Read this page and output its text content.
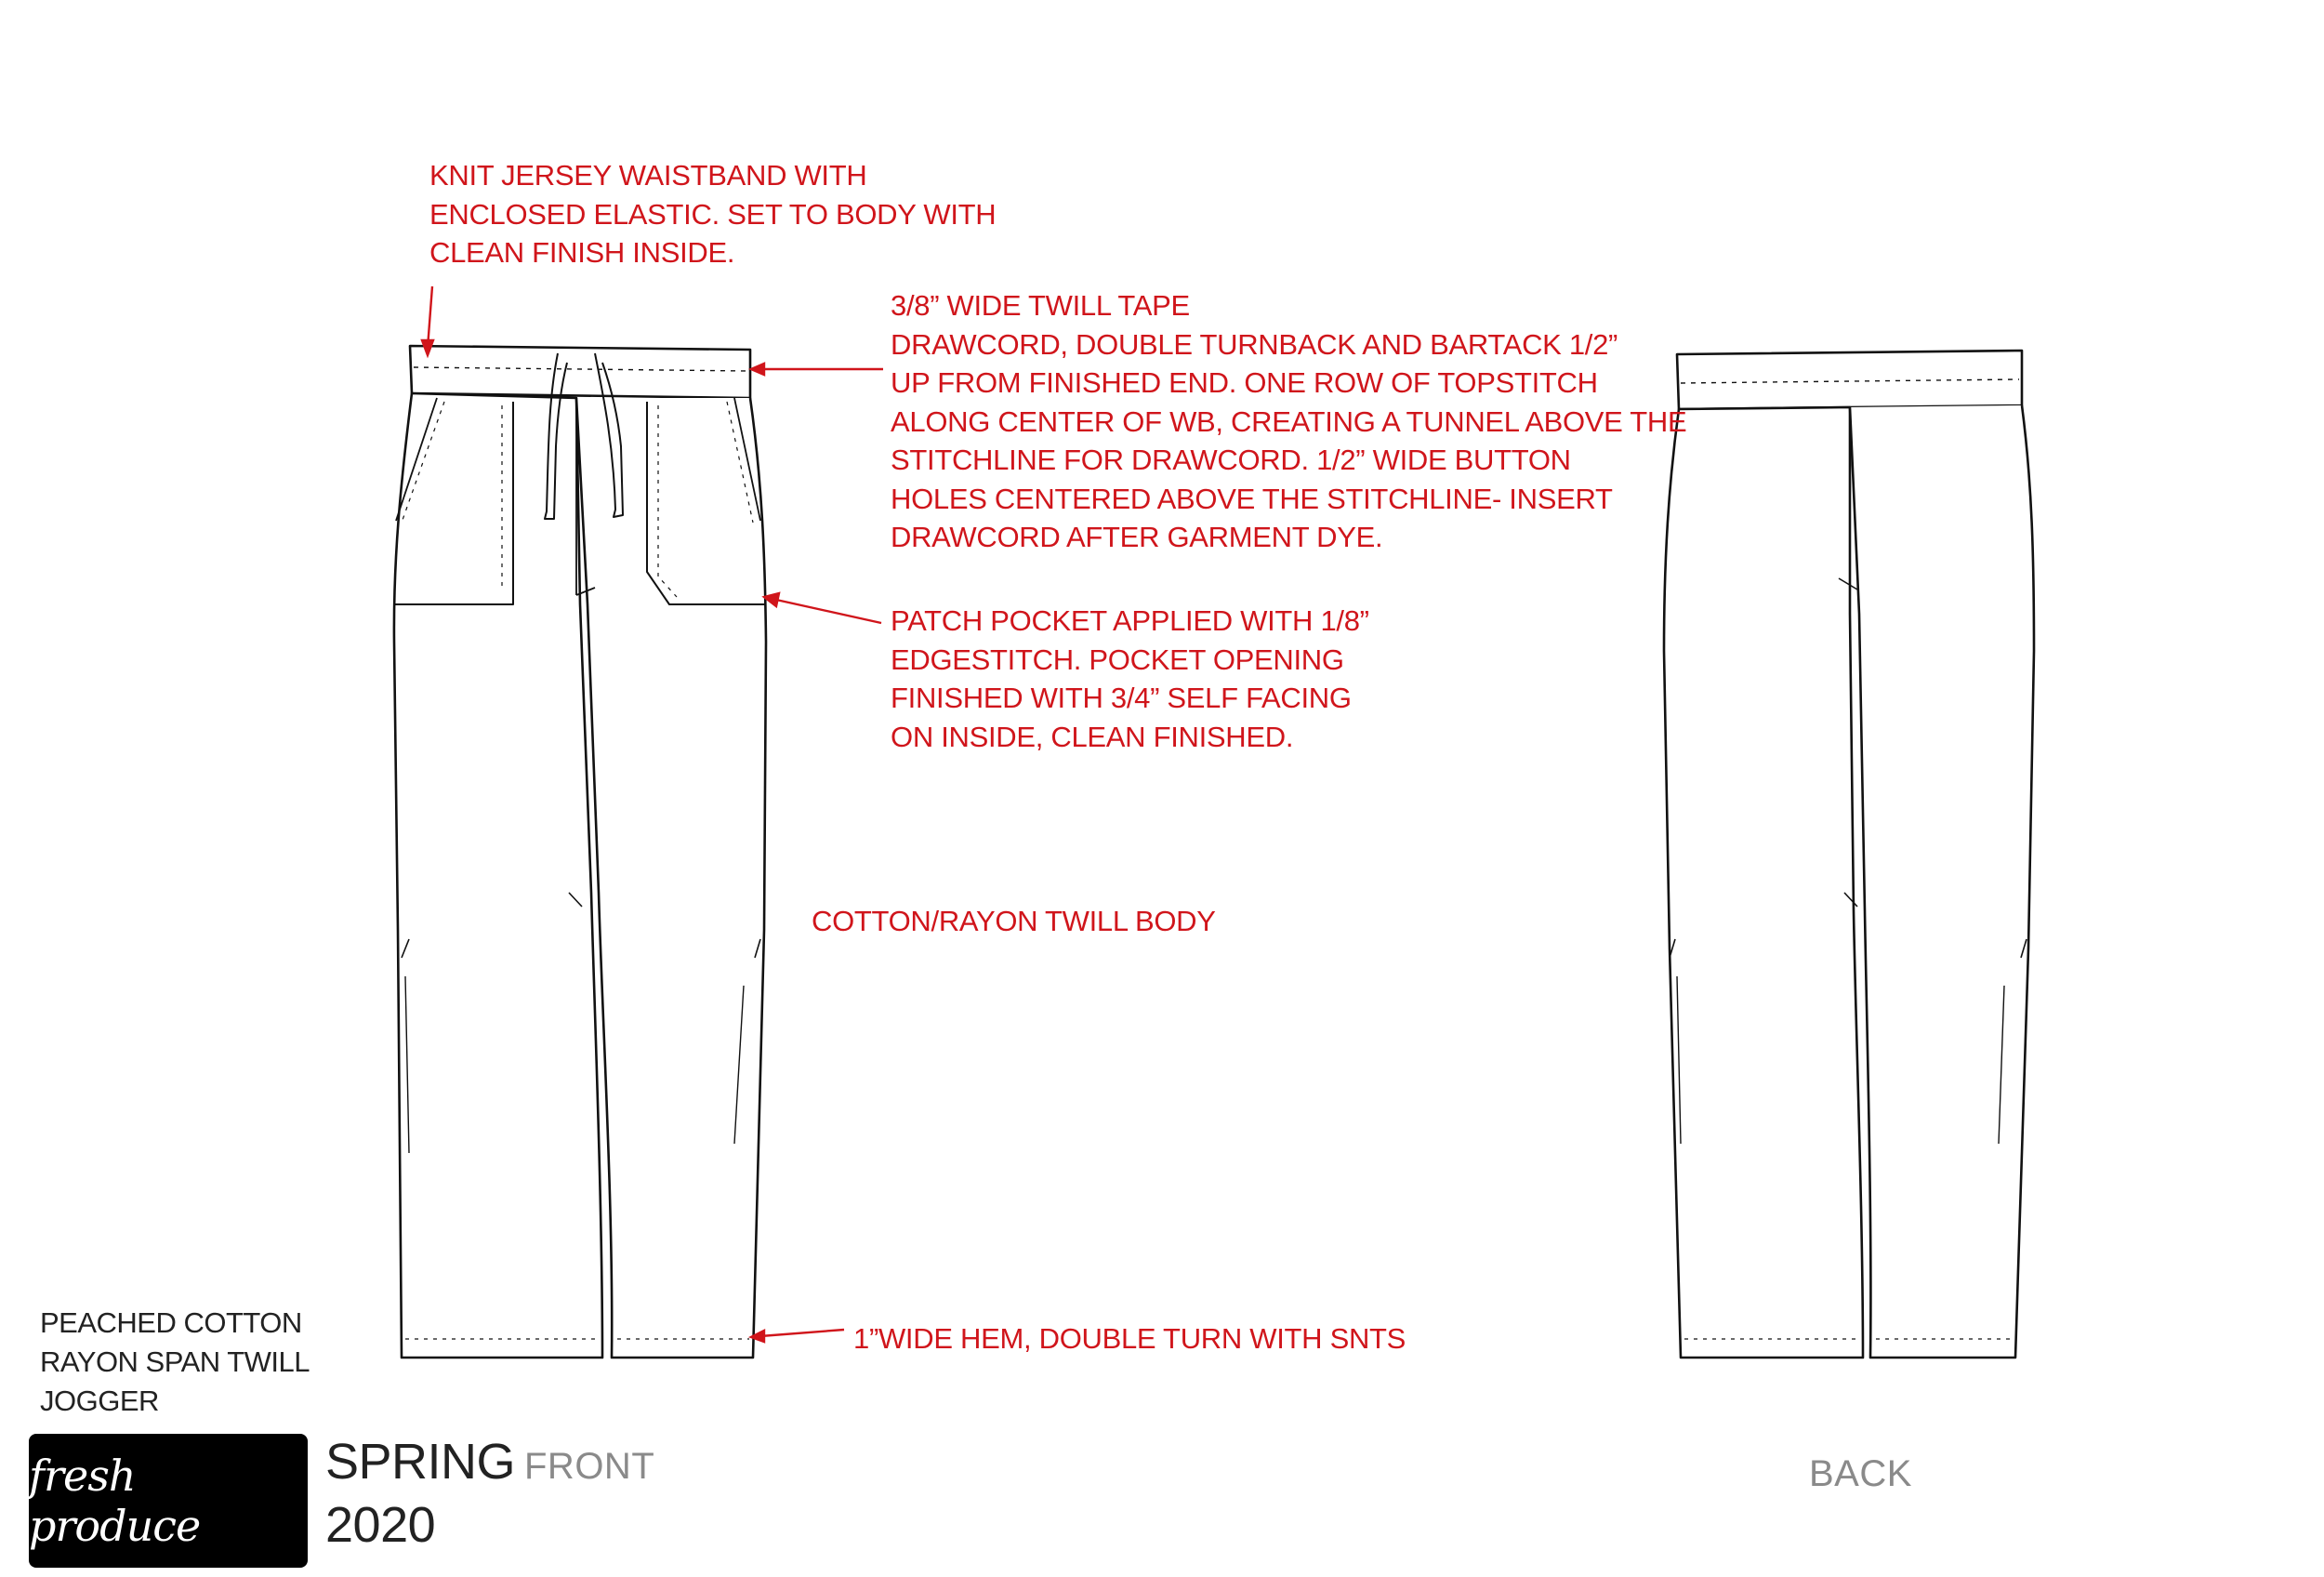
KNIT JERSEY WAISTBAND WITH
ENCLOSED ELASTIC. SET TO BODY WITH
CLEAN FINISH INSIDE.
3/8” WIDE TWILL TAPE
DRAWCORD, DOUBLE TURNBACK AND BARTACK 1/2”
UP FROM FINISHED END. ONE ROW OF TOPSTITCH
ALONG CENTER OF WB, CREATING A TUNNEL ABOVE THE
STITCHLINE FOR DRAWCORD. 1/2” WIDE BUTTON
HOLES CENTERED ABOVE THE STITCHLINE- INSERT
DRAWCORD AFTER GARMENT DYE.
PATCH POCKET APPLIED WITH 1/8”
EDGESTITCH. POCKET OPENING
FINISHED WITH 3/4” SELF FACING
ON INSIDE, CLEAN FINISHED.
COTTON/RAYON TWILL BODY
1”WIDE HEM, DOUBLE TURN WITH SNTS
PEACHED COTTON
RAYON SPAN TWILL
JOGGER
fresh produce
SPRING
2020
FRONT	BACK
